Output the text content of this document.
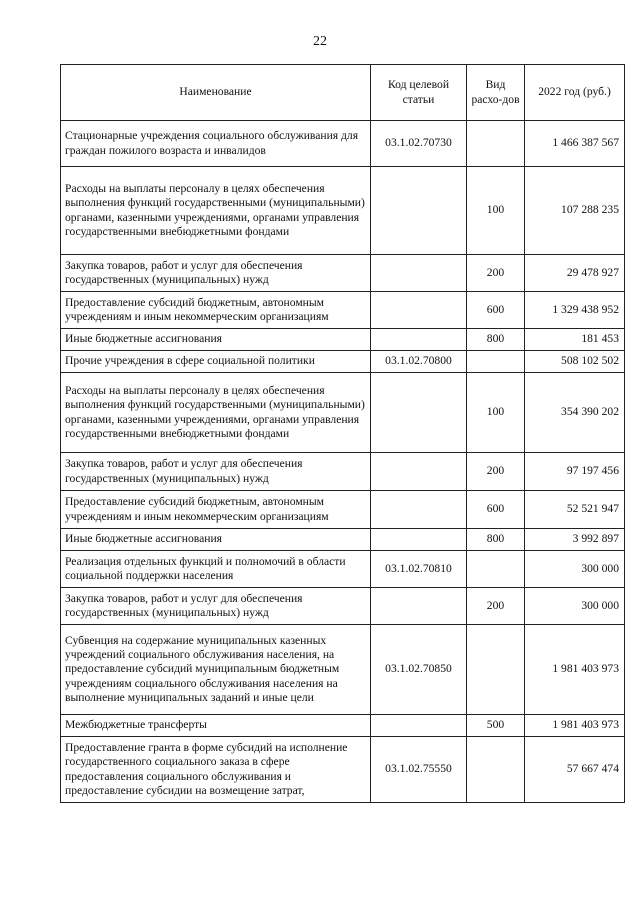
22
Наименование	Код целевой статьи	Вид расхо-дов	2022 год (руб.)
Стационарные учреждения социального обслуживания для граждан пожилого возраста и инвалидов	03.1.02.70730		1 466 387 567
Расходы на выплаты персоналу в целях обеспечения выполнения функций государственными (муниципальными) органами, казенными учреждениями, органами управления государственными внебюджетными фондами		100	107 288 235
Закупка товаров, работ и услуг для обеспечения государственных (муниципальных) нужд		200	29 478 927
Предоставление субсидий бюджетным, автономным учреждениям и иным некоммерческим организациям		600	1 329 438 952
Иные бюджетные ассигнования		800	181 453
Прочие учреждения в сфере социальной политики	03.1.02.70800		508 102 502
Расходы на выплаты персоналу в целях обеспечения выполнения функций государственными (муниципальными) органами, казенными учреждениями, органами управления государственными внебюджетными фондами		100	354 390 202
Закупка товаров, работ и услуг для обеспечения государственных (муниципальных) нужд		200	97 197 456
Предоставление субсидий бюджетным, автономным учреждениям и иным некоммерческим организациям		600	52 521 947
Иные бюджетные ассигнования		800	3 992 897
Реализация отдельных функций и полномочий в области социальной поддержки населения	03.1.02.70810		300 000
Закупка товаров, работ и услуг для обеспечения государственных (муниципальных) нужд		200	300 000
Субвенция на содержание муниципальных казенных учреждений социального обслуживания населения, на предоставление субсидий муниципальным бюджетным учреждениям социального обслуживания населения на выполнение муниципальных заданий и иные цели	03.1.02.70850		1 981 403 973
Межбюджетные трансферты		500	1 981 403 973
Предоставление гранта в форме субсидий на исполнение государственного социального заказа в сфере предоставления социального обслуживания и предоставление субсидии на возмещение затрат,	03.1.02.75550		57 667 474
